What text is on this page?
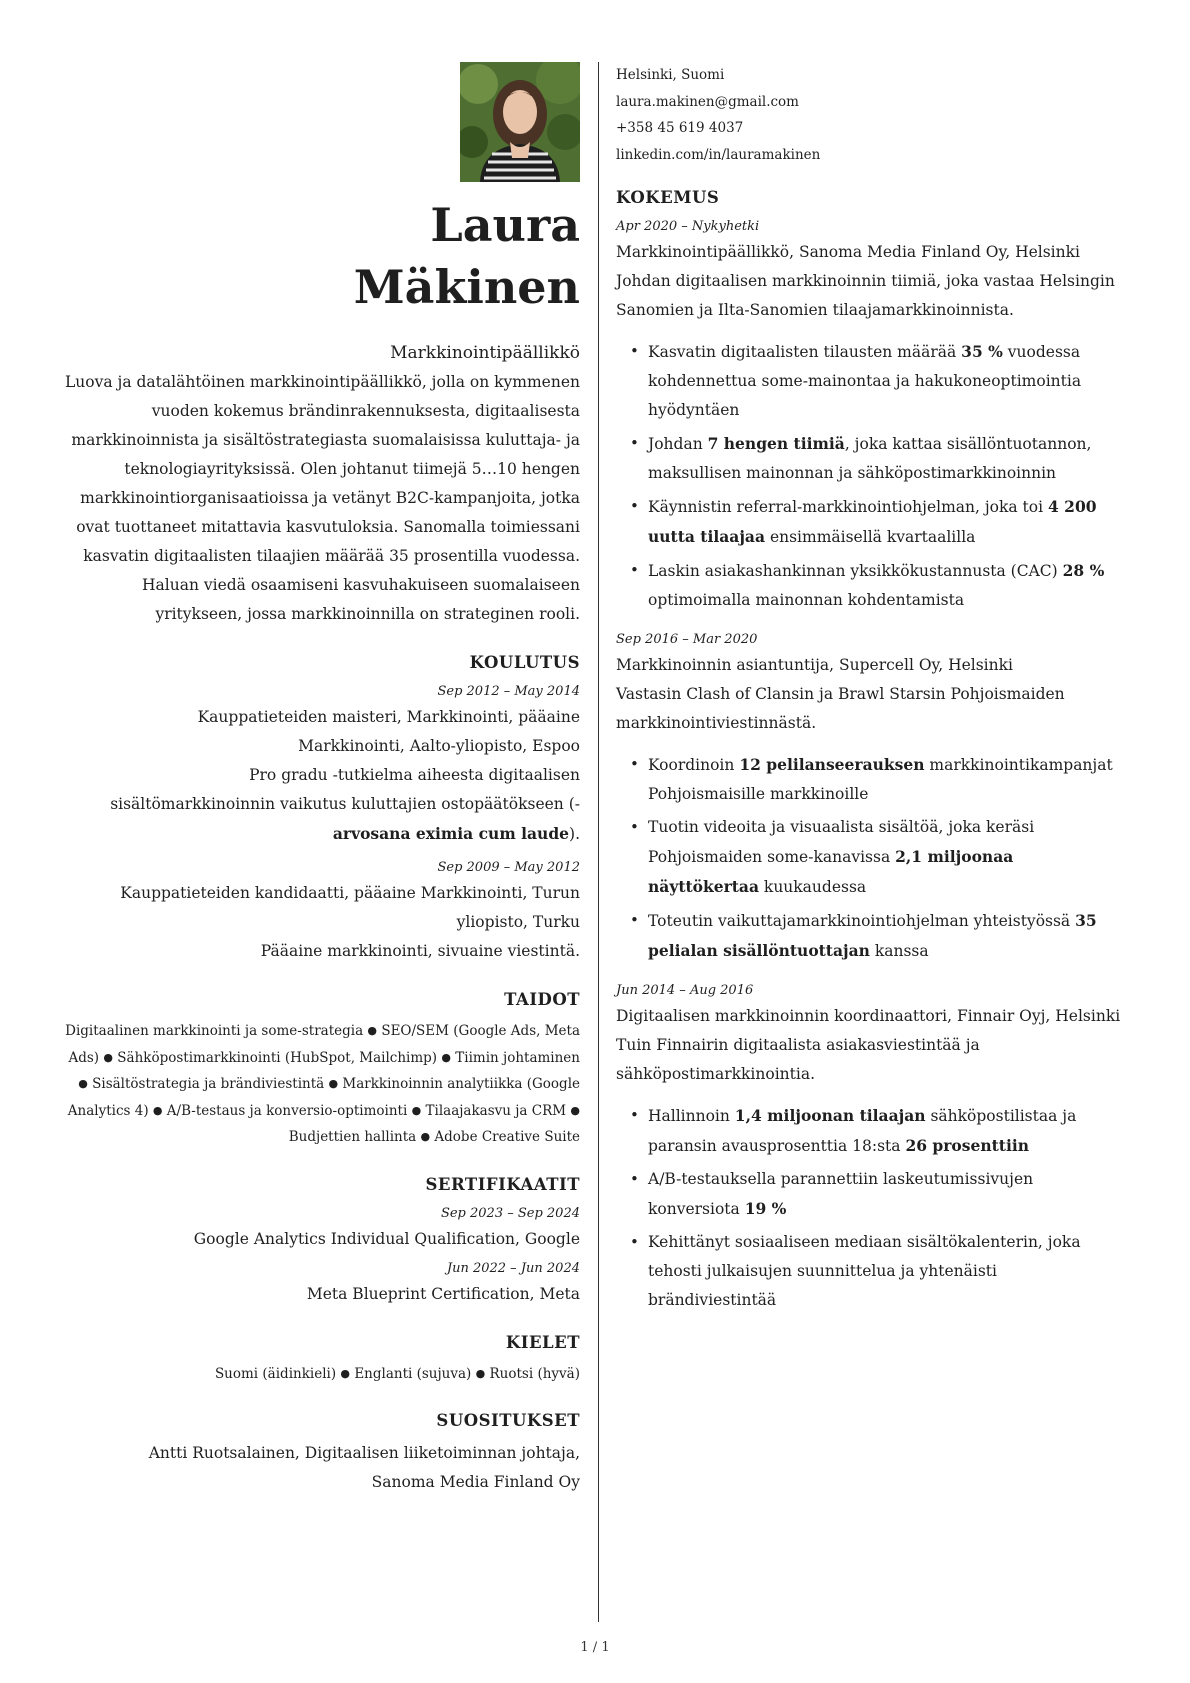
Laura
Mäkinen
Markkinointipäällikkö
Luova ja datalähtöinen markkinointipäällikkö, jolla on kymmenen vuoden kokemus brändinrakennuksesta, digitaalisesta markkinoinnista ja sisältöstrategiasta suomalaisissa kuluttaja- ja teknologiayrityksissä. Olen johtanut tiimejä 5…10 hengen markkinointiorganisaatioissa ja vetänyt B2C-kampanjoita, jotka ovat tuottaneet mitattavia kasvutuloksia. Sanomalla toimiessani kasvatin digitaalisten tilaajien määrää 35 prosentilla vuodessa. Haluan viedä osaamiseni kasvuhakuiseen suomalaiseen yritykseen, jossa markkinoinnilla on strateginen rooli.
KOULUTUS
Sep 2012 – May 2014
Kauppatieteiden maisteri, Markkinointi, pääaine
Markkinointi, Aalto-yliopisto, Espoo
Pro gradu -tutkielma aiheesta digitaalisen
sisältömarkkinoinnin vaikutus kuluttajien ostopäätökseen (-
arvosana eximia cum laude).
Sep 2009 – May 2012
Kauppatieteiden kandidaatti, pääaine Markkinointi, Turun
yliopisto, Turku
Pääaine markkinointi, sivuaine viestintä.
TAIDOT
Digitaalinen markkinointi ja some-strategia ● SEO/SEM (Google Ads, Meta Ads) ● Sähköpostimarkkinointi (HubSpot, Mailchimp) ● Tiimin johtaminen ● Sisältöstrategia ja brändiviestintä ● Markkinoinnin analytiikka (Google Analytics 4) ● A/B-testaus ja konversio-optimointi ● Tilaajakasvu ja CRM ● Budjettien hallinta ● Adobe Creative Suite
SERTIFIKAATIT
Sep 2023 – Sep 2024
Google Analytics Individual Qualification, Google
Jun 2022 – Jun 2024
Meta Blueprint Certification, Meta
KIELET
Suomi (äidinkieli) ● Englanti (sujuva) ● Ruotsi (hyvä)
SUOSITUKSET
Antti Ruotsalainen, Digitaalisen liiketoiminnan johtaja,
Sanoma Media Finland Oy
Helsinki, Suomi
laura.makinen@gmail.com
+358 45 619 4037
linkedin.com/in/lauramakinen
KOKEMUS
Apr 2020 – Nykyhetki
Markkinointipäällikkö, Sanoma Media Finland Oy, Helsinki
Johdan digitaalisen markkinoinnin tiimiä, joka vastaa Helsingin Sanomien ja Ilta-Sanomien tilaajamarkkinoinnista.
• Kasvatin digitaalisten tilausten määrää 35 % vuodessa kohdennettua some-mainontaa ja hakukoneoptimointia hyödyntäen
• Johdan 7 hengen tiimiä, joka kattaa sisällöntuotannon, maksullisen mainonnan ja sähköpostimarkkinoinnin
• Käynnistin referral-markkinointiohjelman, joka toi 4 200 uutta tilaajaa ensimmäisellä kvartaalilla
• Laskin asiakashankinnan yksikkökustannusta (CAC) 28 % optimoimalla mainonnan kohdentamista
Sep 2016 – Mar 2020
Markkinoinnin asiantuntija, Supercell Oy, Helsinki
Vastasin Clash of Clansin ja Brawl Starsin Pohjoismaiden markkinointiviestinnästä.
• Koordinoin 12 pelilanseerauksen markkinointikampanjat Pohjoismaisille markkinoille
• Tuotin videoita ja visuaalista sisältöä, joka keräsi Pohjoismaiden some-kanavissa 2,1 miljoonaa näyttökertaa kuukaudessa
• Toteutin vaikuttajamarkkinointiohjelman yhteistyössä 35 pelialan sisällöntuottajan kanssa
Jun 2014 – Aug 2016
Digitaalisen markkinoinnin koordinaattori, Finnair Oyj, Helsinki
Tuin Finnairin digitaalista asiakasviestintää ja sähköpostimarkkinointia.
• Hallinnoin 1,4 miljoonan tilaajan sähköpostilistaa ja paransin avausprosenttia 18:sta 26 prosenttiin
• A/B-testauksella parannettiin laskeutumissivujen konversiota 19 %
• Kehittänyt sosiaaliseen mediaan sisältökalenterin, joka tehosti julkaisujen suunnittelua ja yhtenäisti brändiviestintää
1 / 1
